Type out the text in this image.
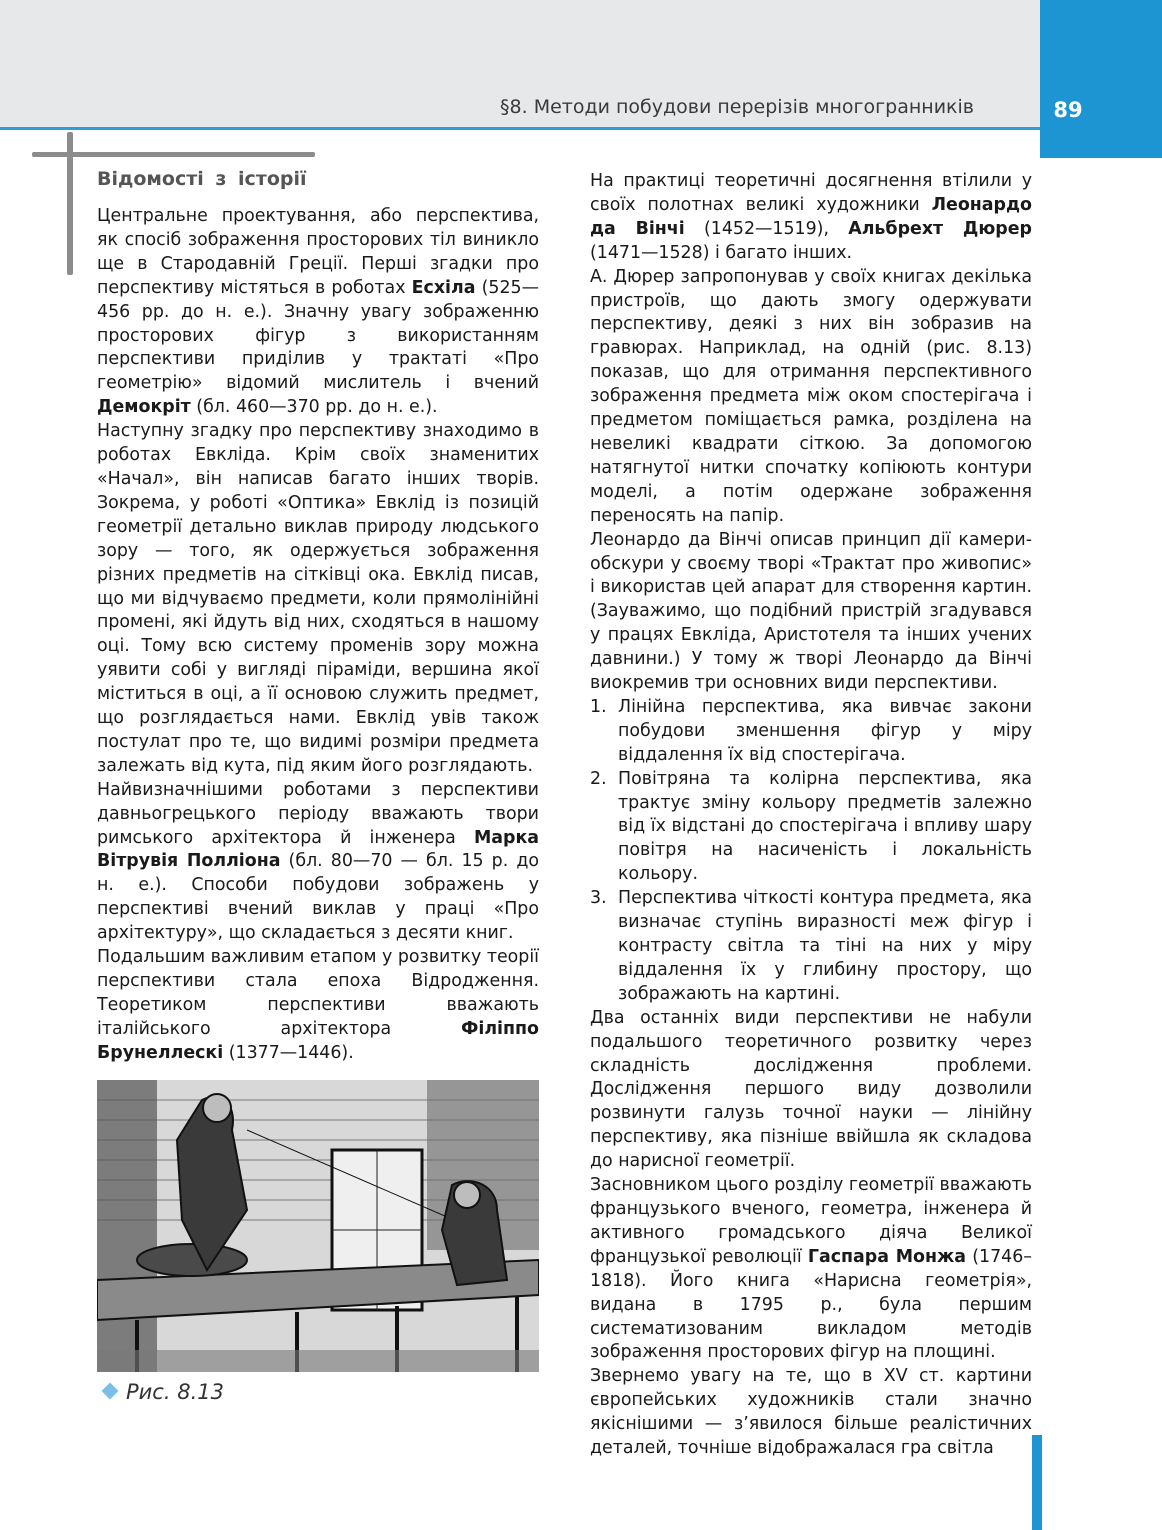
§8. Методи побудови перерізів многогранників	89
Відомості з історії

Центральне проектування, або перспектива, як спосіб зображення просторових тіл виникло ще в Стародавній Греції. Перші згадки про перспективу містяться в роботах Есхіла (525—456 рр. до н. е.). Значну увагу зображенню просторових фігур з використанням перспективи приділив у трактаті «Про геометрію» відомий мислитель і вчений Демокріт (бл. 460—370 рр. до н. е.).

Наступну згадку про перспективу знаходимо в роботах Евкліда. Крім своїх знаменитих «Начал», він написав багато інших творів. Зокрема, у роботі «Оптика» Евклід із позицій геометрії детально виклав природу людського зору — того, як одержується зображення різних предметів на сітківці ока. Евклід писав, що ми відчуваємо предмети, коли прямолінійні промені, які йдуть від них, сходяться в нашому оці. Тому всю систему променів зору можна уявити собі у вигляді піраміди, вершина якої міститься в оці, а її основою служить предмет, що розглядається нами. Евклід увів також постулат про те, що видимі розміри предмета залежать від кута, під яким його розглядають.

Найвизначнішими роботами з перспективи давньогрецького періоду вважають твори римського архітектора й інженера Марка Вітрувія Полліона (бл. 80—70 — бл. 15 р. до н. е.). Способи побудови зображень у перспективі вчений виклав у праці «Про архітектуру», що складається з десяти книг.

Подальшим важливим етапом у розвитку теорії перспективи стала епоха Відродження. Теоретиком перспективи вважають італійського архітектора Філіппо Брунеллескі (1377—1446).

Рис. 8.13

На практиці теоретичні досягнення втілили у своїх полотнах великі художники Леонардо да Вінчі (1452—1519), Альбрехт Дюрер (1471—1528) і багато інших.

А. Дюрер запропонував у своїх книгах декілька пристроїв, що дають змогу одержувати перспективу, деякі з них він зобразив на гравюрах. Наприклад, на одній (рис. 8.13) показав, що для отримання перспективного зображення предмета між оком спостерігача і предметом поміщається рамка, розділена на невеликі квадрати сіткою. За допомогою натягнутої нитки спочатку копіюють контури моделі, а потім одержане зображення переносять на папір.

Леонардо да Вінчі описав принцип дії камери-обскури у своєму творі «Трактат про живопис» і використав цей апарат для створення картин. (Зауважимо, що подібний пристрій згадувався у працях Евкліда, Аристотеля та інших учених давнини.) У тому ж творі Леонардо да Вінчі виокремив три основних види перспективи.

1. Лінійна перспектива, яка вивчає закони побудови зменшення фігур у міру віддалення їх від спостерігача.
2. Повітряна та колірна перспектива, яка трактує зміну кольору предметів залежно від їх відстані до спостерігача і впливу шару повітря на насиченість і локальність кольору.
3. Перспектива чіткості контура предмета, яка визначає ступінь виразності меж фігур і контрасту світла та тіні на них у міру віддалення їх у глибину простору, що зображають на картині.

Два останніх види перспективи не набули подальшого теоретичного розвитку через складність дослідження проблеми. Дослідження першого виду дозволили розвинути галузь точної науки — лінійну перспективу, яка пізніше ввійшла як складова до нарисної геометрії.

Засновником цього розділу геометрії вважають французького вченого, геометра, інженера й активного громадського діяча Великої французької революції Гаспара Монжа (1746–1818). Його книга «Нарисна геометрія», видана в 1795 р., була першим систематизованим викладом методів зображення просторових фігур на площині.

Звернемо увагу на те, що в XV ст. картини європейських художників стали значно якіснішими — з’явилося більше реалістичних деталей, точніше відображалася гра світла
